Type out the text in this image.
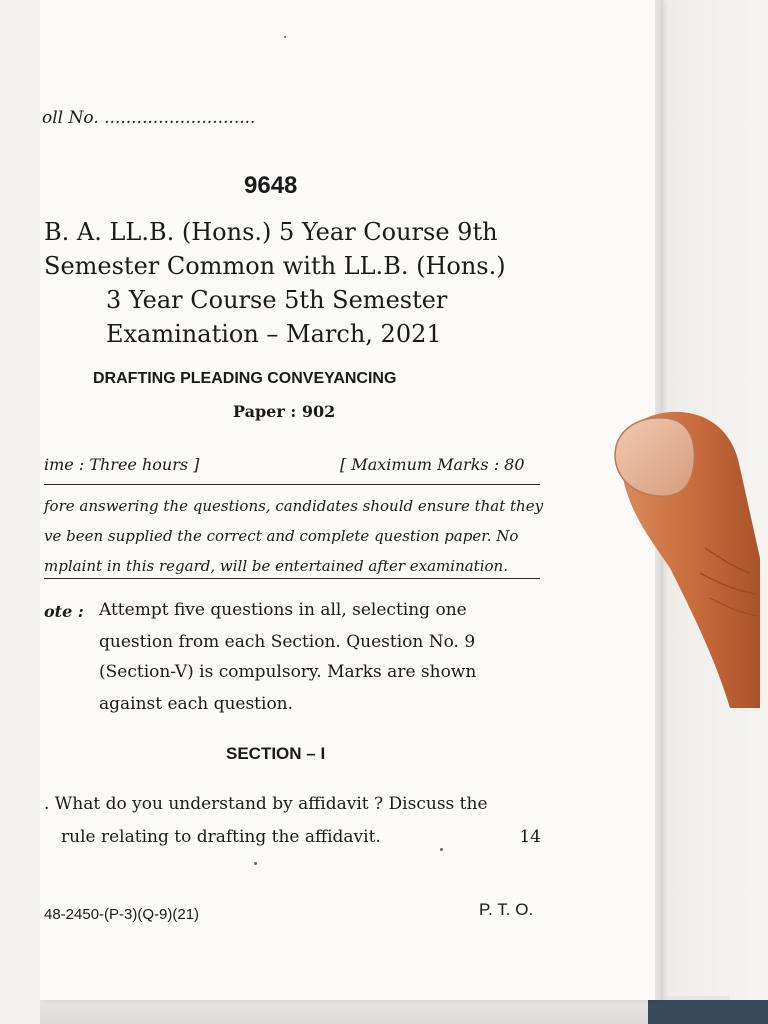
oll No. ............................
9648
B. A. LL.B. (Hons.) 5 Year Course 9th
Semester Common with LL.B. (Hons.)
3 Year Course 5th Semester
Examination – March, 2021
DRAFTING PLEADING CONVEYANCING
Paper : 902
ime : Three hours ]	[ Maximum Marks : 80
fore answering the questions, candidates should ensure that they
ve been supplied the correct and complete question paper. No
mplaint in this regard, will be entertained after examination.
ote : Attempt five questions in all, selecting one
question from each Section. Question No. 9
(Section-V) is compulsory. Marks are shown
against each question.
SECTION – I
. What do you understand by affidavit ? Discuss the
rule relating to drafting the affidavit.	14
48-2450-(P-3)(Q-9)(21)	P. T. O.
